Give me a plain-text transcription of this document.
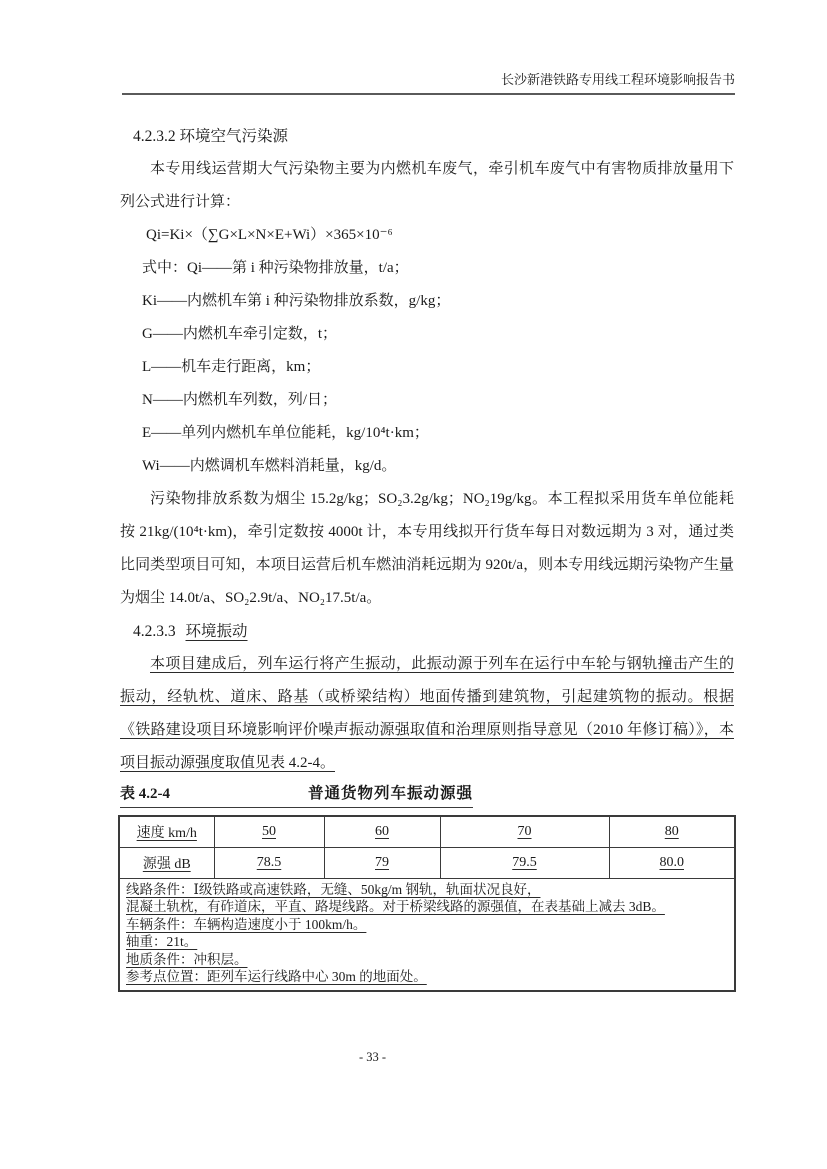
长沙新港铁路专用线工程环境影响报告书
4.2.3.2 环境空气污染源

本专用线运营期大气污染物主要为内燃机车废气，牵引机车废气中有害物质排放量用下列公式进行计算：

Qi=Ki×（∑G×L×N×E+Wi）×365×10⁻⁶

式中：Qi——第 i 种污染物排放量，t/a；

Ki——内燃机车第 i 种污染物排放系数，g/kg；

G——内燃机车牵引定数，t；

L——机车走行距离，km；

N——内燃机车列数，列/日；

E——单列内燃机车单位能耗，kg/10⁴t·km；

Wi——内燃调机车燃料消耗量，kg/d。

污染物排放系数为烟尘 15.2g/kg；SO₂3.2g/kg；NO₂19g/kg。本工程拟采用货车单位能耗按 21kg/(10⁴t·km)，牵引定数按 4000t 计，本专用线拟开行货车每日对数远期为 3 对，通过类比同类型项目可知，本项目运营后机车燃油消耗远期为 920t/a，则本专用线远期污染物产生量为烟尘 14.0t/a、SO₂2.9t/a、NO₂17.5t/a。

4.2.3.3 环境振动

本项目建成后，列车运行将产生振动，此振动源于列车在运行中车轮与钢轨撞击产生的振动，经轨枕、道床、路基（或桥梁结构）地面传播到建筑物，引起建筑物的振动。根据《铁路建设项目环境影响评价噪声振动源强取值和治理原则指导意见（2010 年修订稿）》，本项目振动源强度取值见表 4.2-4。

表 4.2-4	普通货物列车振动源强
速度 km/h	50	60	70	80
源强 dB	78.5	79	79.5	80.0

线路条件：Ⅰ级铁路或高速铁路，无缝、50kg/m 钢轨，轨面状况良好，
混凝土轨枕，有砟道床，平直、路堤线路。对于桥梁线路的源强值，在表基础上减去 3dB。
车辆条件：车辆构造速度小于 100km/h。
轴重：21t。
地质条件：冲积层。
参考点位置：距列车运行线路中心 30m 的地面处。
- 33 -
